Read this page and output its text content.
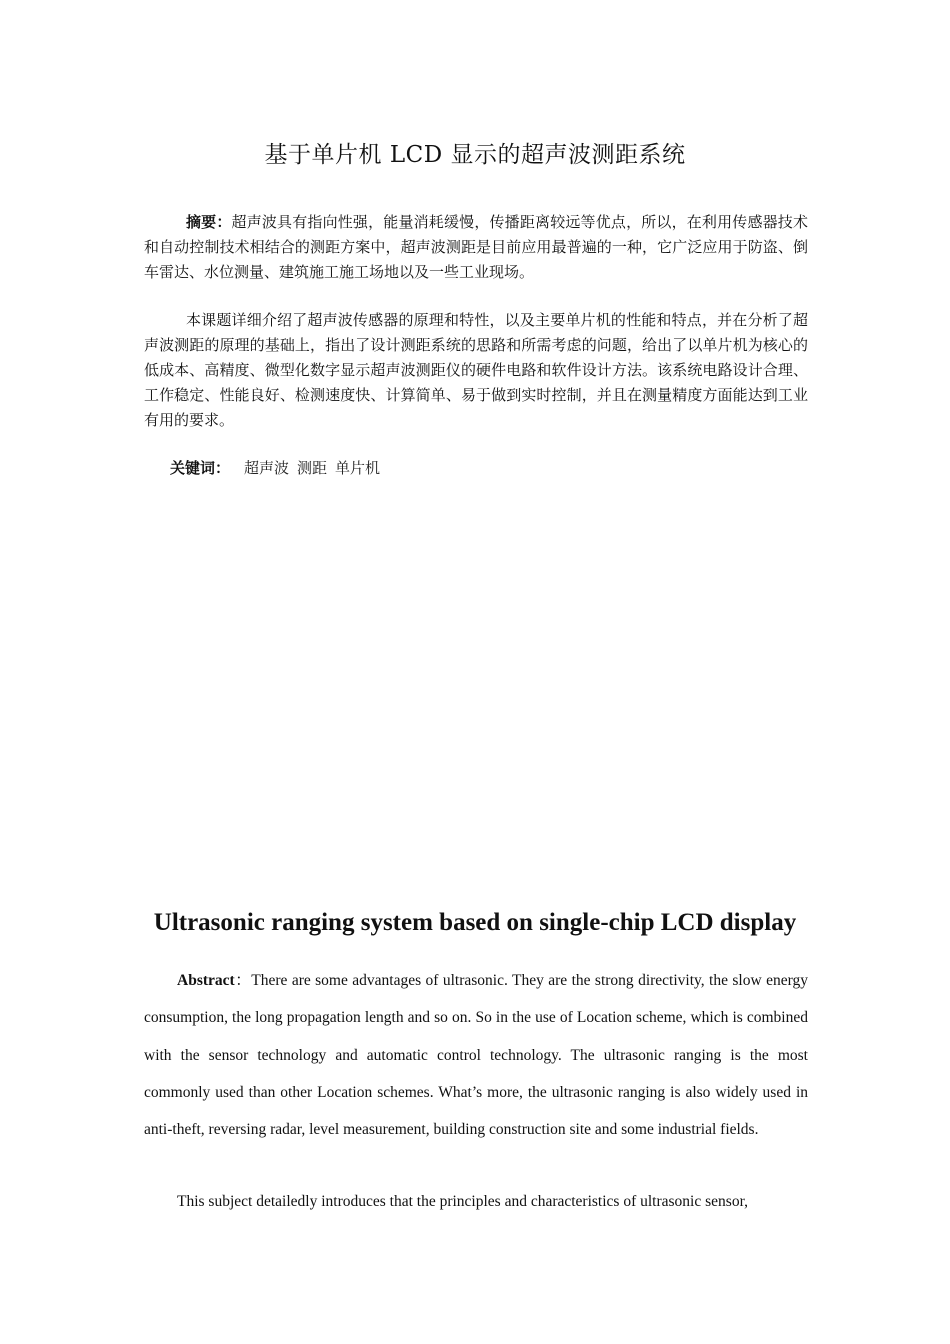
基于单片机 LCD 显示的超声波测距系统

摘要：超声波具有指向性强，能量消耗缓慢，传播距离较远等优点，所以，在利用传感器技术和自动控制技术相结合的测距方案中，超声波测距是目前应用最普遍的一种，它广泛应用于防盗、倒车雷达、水位测量、建筑施工施工场地以及一些工业现场。

本课题详细介绍了超声波传感器的原理和特性，以及主要单片机的性能和特点，并在分析了超声波测距的原理的基础上，指出了设计测距系统的思路和所需考虑的问题，给出了以单片机为核心的低成本、高精度、微型化数字显示超声波测距仪的硬件电路和软件设计方法。该系统电路设计合理、工作稳定、性能良好、检测速度快、计算简单、易于做到实时控制，并且在测量精度方面能达到工业有用的要求。

关键词： 超声波 测距 单片机
Ultrasonic ranging system based on single-chip LCD display

Abstract：There are some advantages of ultrasonic. They are the strong directivity, the slow energy consumption, the long propagation length and so on. So in the use of Location scheme, which is combined with the sensor technology and automatic control technology. The ultrasonic ranging is the most commonly used than other Location schemes. What’s more, the ultrasonic ranging is also widely used in anti-theft, reversing radar, level measurement, building construction site and some industrial fields.

This subject detailedly introduces that the principles and characteristics of ultrasonic sensor,
